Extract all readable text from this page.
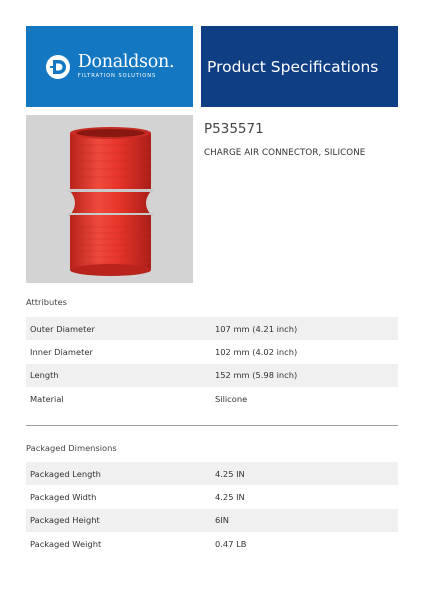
Donaldson.
FILTRATION SOLUTIONS
Product Specifications
P535571
CHARGE AIR CONNECTOR, SILICONE
Attributes
Outer Diameter	107 mm (4.21 inch)
Inner Diameter	102 mm (4.02 inch)
Length	152 mm (5.98 inch)
Material	Silicone
Packaged Dimensions
Packaged Length	4.25 IN
Packaged Width	4.25 IN
Packaged Height	6IN
Packaged Weight	0.47 LB
